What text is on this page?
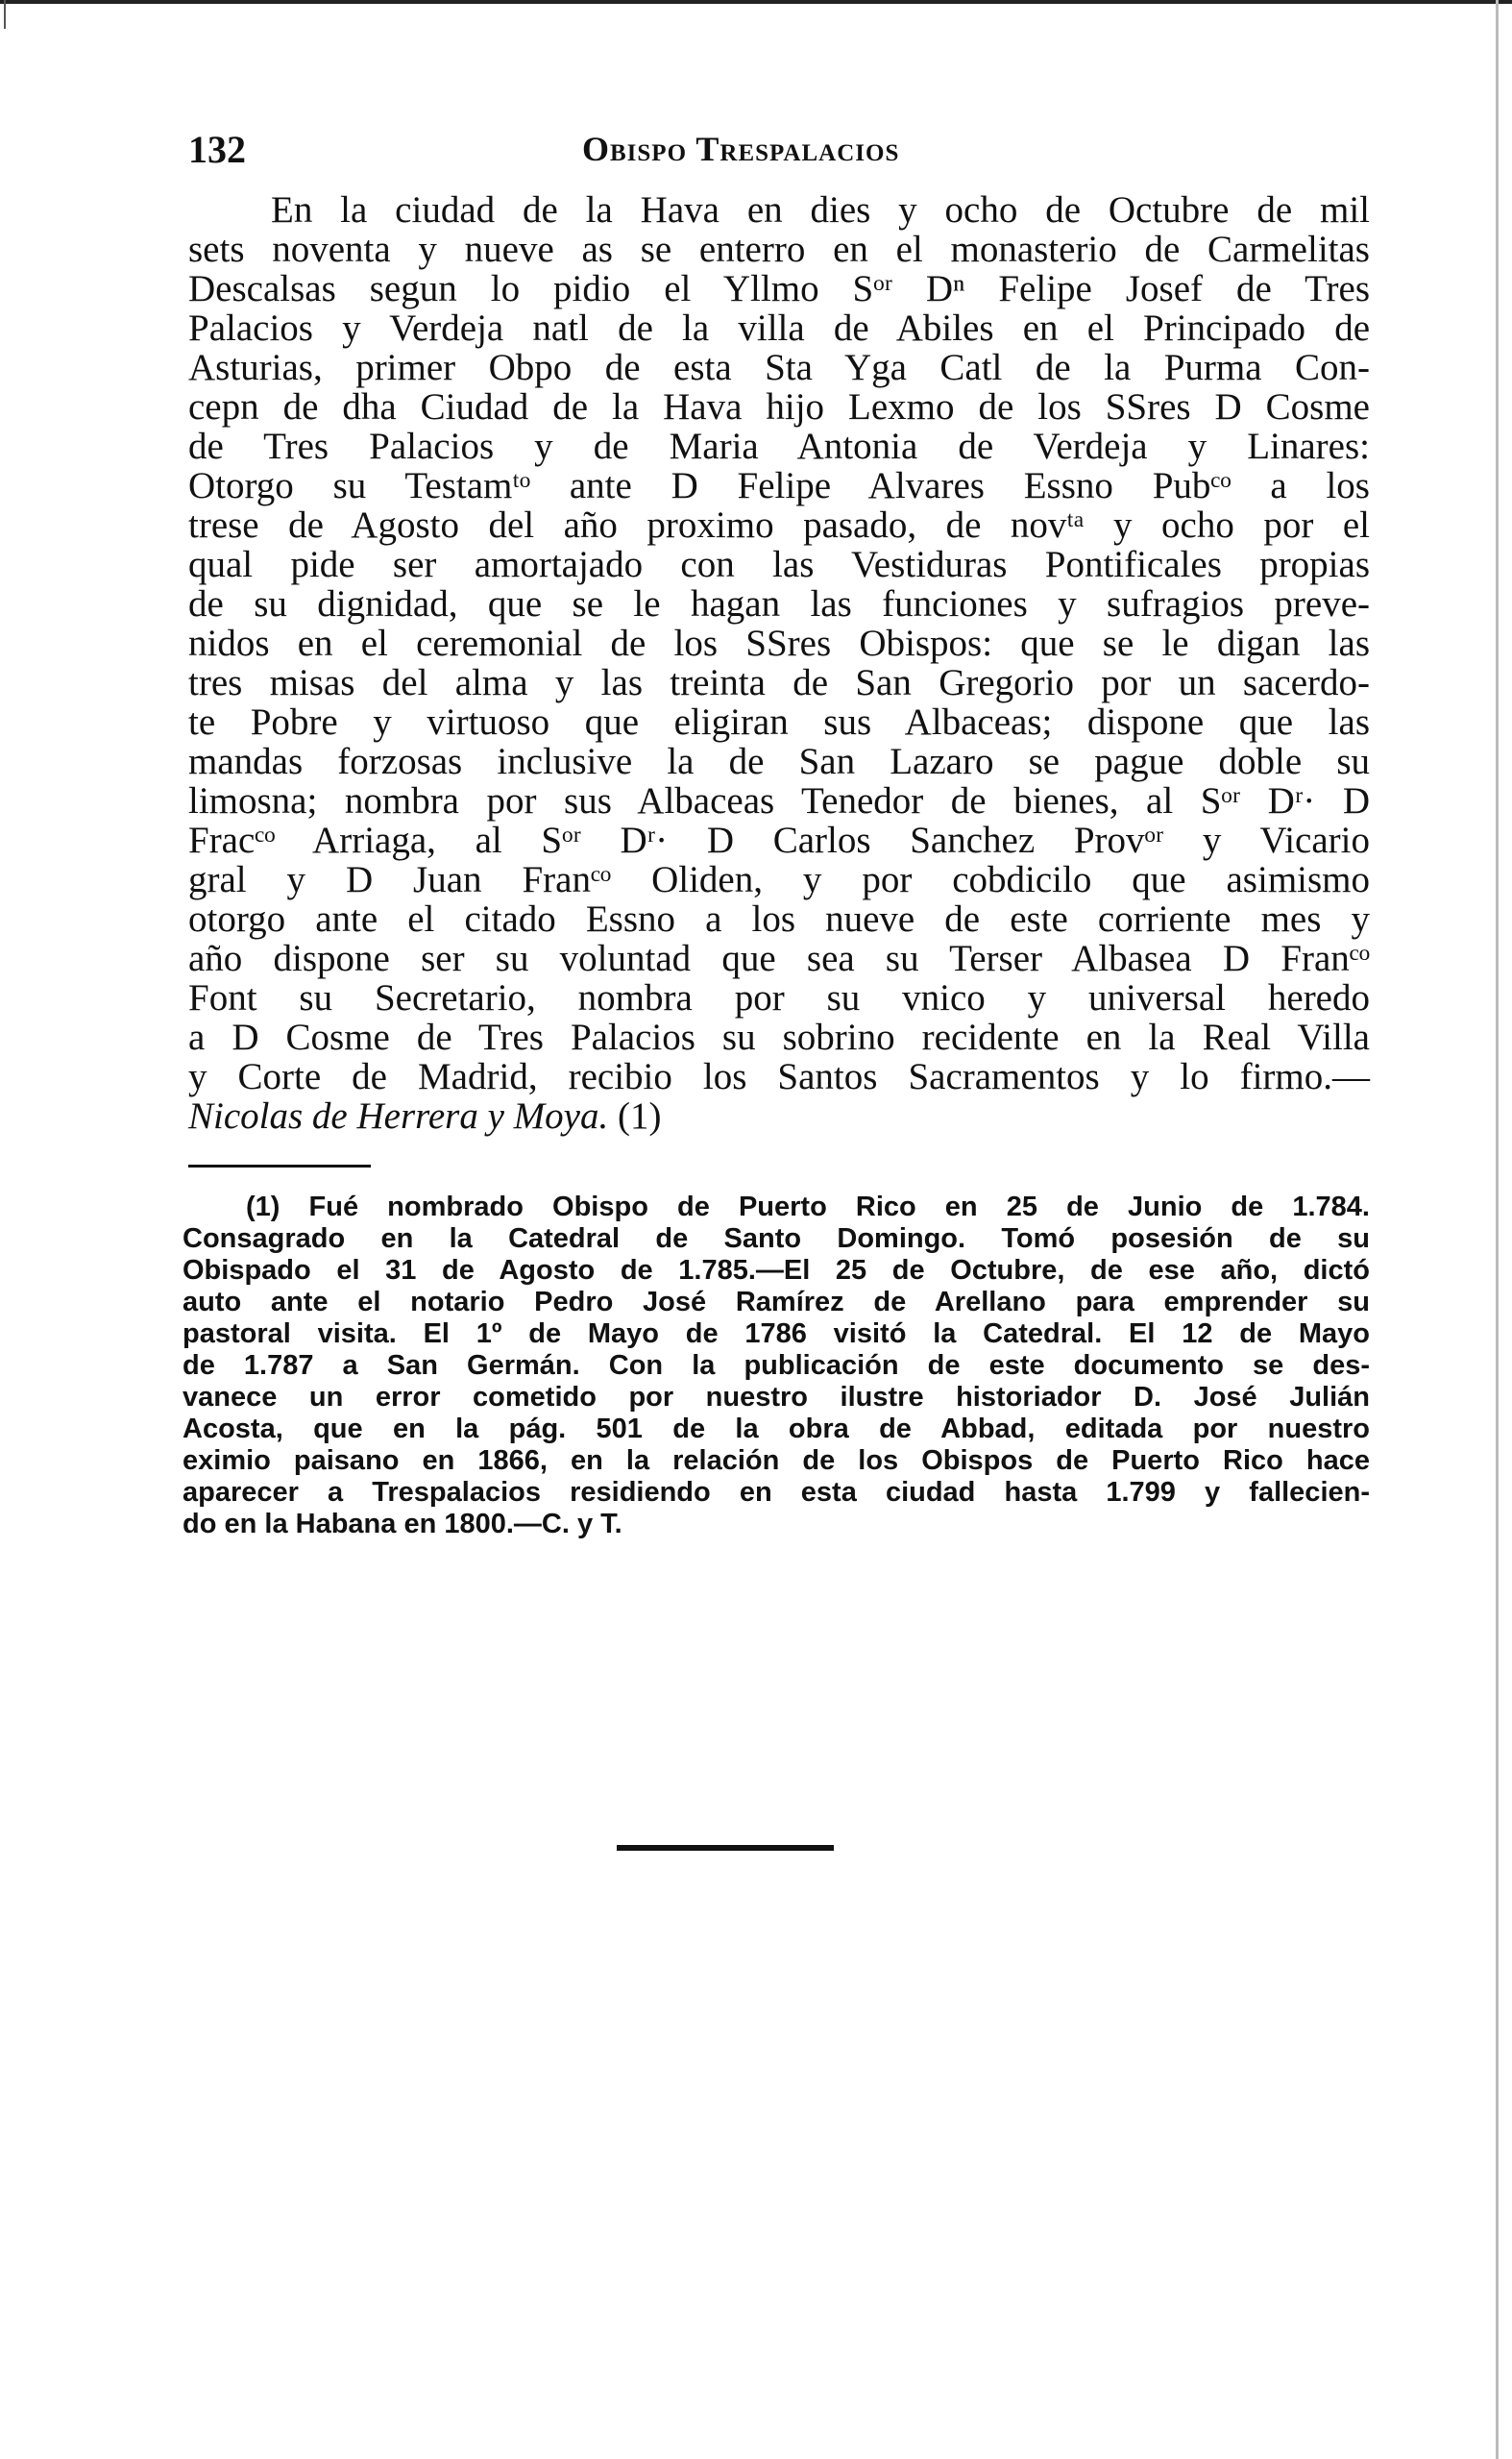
132	Obispo Trespalacios
En la ciudad de la Hava en dies y ocho de Octubre de mil
sets noventa y nueve as se enterro en el monasterio de Carmelitas
Descalsas segun lo pidio el Yllmo Sᵒʳ Dⁿ Felipe Josef de Tres
Palacios y Verdeja natl de la villa de Abiles en el Principado de
Asturias, primer Obpo de esta Sta Yga Catl de la Purma Con-
cepn de dha Ciudad de la Hava hijo Lexmo de los SSres D Cosme
de Tres Palacios y de Maria Antonia de Verdeja y Linares:
Otorgo su Testamᵗᵒ ante D Felipe Alvares Essno Pubᶜᵒ a los
trese de Agosto del año proximo pasado, de novᵗᵃ y ocho por el
qual pide ser amortajado con las Vestiduras Pontificales propias
de su dignidad, que se le hagan las funciones y sufragios preve-
nidos en el ceremonial de los SSres Obispos: que se le digan las
tres misas del alma y las treinta de San Gregorio por un sacerdo-
te Pobre y virtuoso que eligiran sus Albaceas; dispone que las
mandas forzosas inclusive la de San Lazaro se pague doble su
limosna; nombra por sus Albaceas Tenedor de bienes, al Sᵒʳ Dʳ· D
Fracᶜᵒ Arriaga, al Sᵒʳ Dʳ· D Carlos Sanchez Provᵒʳ y Vicario
gral y D Juan Franᶜᵒ Oliden, y por cobdicilo que asimismo
otorgo ante el citado Essno a los nueve de este corriente mes y
año dispone ser su voluntad que sea su Terser Albasea D Franᶜᵒ
Font su Secretario, nombra por su vnico y universal heredo
a D Cosme de Tres Palacios su sobrino recidente en la Real Villa
y Corte de Madrid, recibio los Santos Sacramentos y lo firmo.—
Nicolas de Herrera y Moya. (1)
(1) Fué nombrado Obispo de Puerto Rico en 25 de Junio de 1.784.
Consagrado en la Catedral de Santo Domingo. Tomó posesión de su
Obispado el 31 de Agosto de 1.785.—El 25 de Octubre, de ese año, dictó
auto ante el notario Pedro José Ramírez de Arellano para emprender su
pastoral visita. El 1º de Mayo de 1786 visitó la Catedral. El 12 de Mayo
de 1.787 a San Germán. Con la publicación de este documento se des-
vanece un error cometido por nuestro ilustre historiador D. José Julián
Acosta, que en la pág. 501 de la obra de Abbad, editada por nuestro
eximio paisano en 1866, en la relación de los Obispos de Puerto Rico hace
aparecer a Trespalacios residiendo en esta ciudad hasta 1.799 y fallecien-
do en la Habana en 1800.—C. y T.
